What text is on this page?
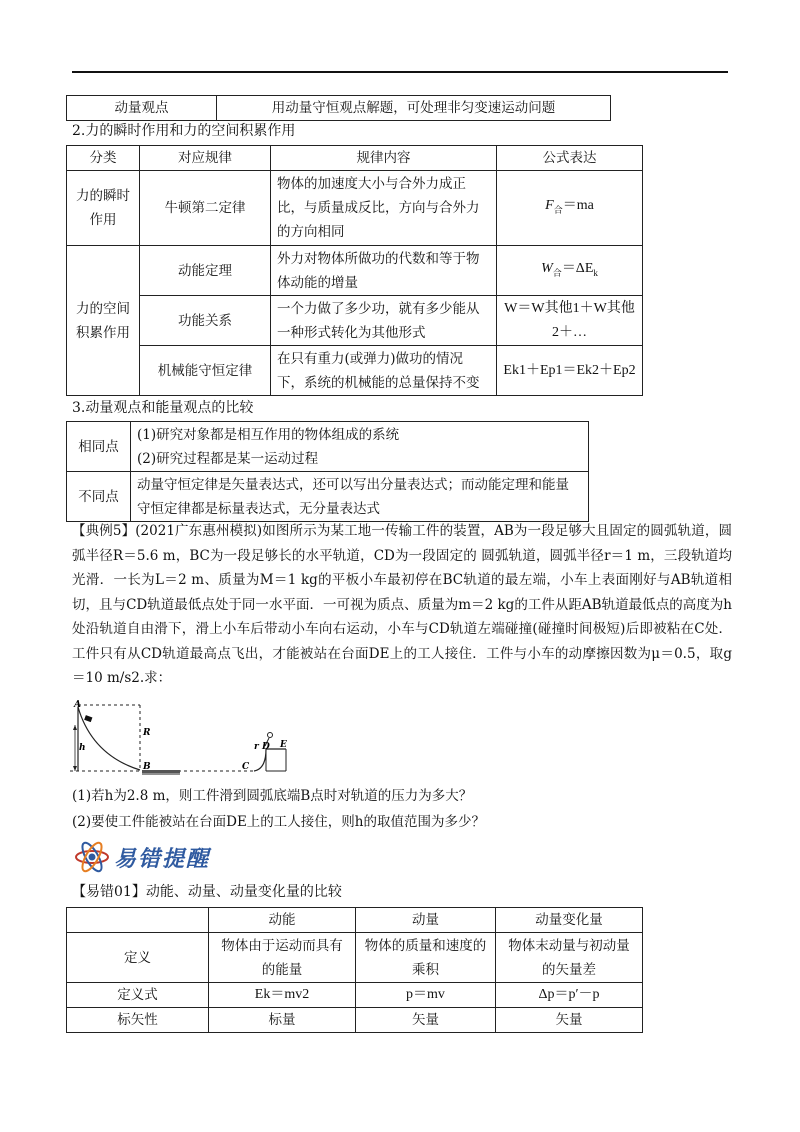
动量观点	用动量守恒观点解题，可处理非匀变速运动问题
2.力的瞬时作用和力的空间积累作用
分类	对应规律	规律内容	公式表达
力的瞬时作用	牛顿第二定律	物体的加速度大小与合外力成正比，与质量成反比，方向与合外力的方向相同	$F_合=ma$
力的空间积累作用	动能定理	外力对物体所做功的代数和等于物体动能的增量	$W_合=\Delta E_k$
	功能关系	一个力做了多少功，就有多少能从一种形式转化为其他形式	W＝W其他1＋W其他2＋…
	机械能守恒定律	在只有重力(或弹力)做功的情况下，系统的机械能的总量保持不变	Ek1＋Ep1＝Ek2＋Ep2
3.动量观点和能量观点的比较
相同点	(1)研究对象都是相互作用的物体组成的系统
(2)研究过程都是某一运动过程

不同点	动量守恒定律是矢量表达式，还可以写出分量表达式；而动能定理和能量守恒定律都是标量表达式，无分量表达式
【典例5】(2021广东惠州模拟)如图所示为某工地一传输工件的装置，AB为一段足够大且固定的圆弧轨道，圆弧半径R＝5.6 m，BC为一段足够长的水平轨道，CD为一段固定的 圆弧轨道，圆弧半径r＝1 m，三段轨道均光滑．一长为L＝2 m、质量为M＝1 kg的平板小车最初停在BC轨道的最左端，小车上表面刚好与AB轨道相切，且与CD轨道最低点处于同一水平面．一可视为质点、质量为m＝2 kg的工件从距AB轨道最低点的高度为h处沿轨道自由滑下，滑上小车后带动小车向右运动，小车与CD轨道左端碰撞(碰撞时间极短)后即被粘在C处．工件只有从CD轨道最高点飞出，才能被站在台面DE上的工人接住．工件与小车的动摩擦因数为μ＝0.5，取g＝10 m/s2.求：
A
h
R
B	C
r D E
(1)若h为2.8 m，则工件滑到圆弧底端B点时对轨道的压力为多大？
(2)要使工件能被站在台面DE上的工人接住，则h的取值范围为多少？
易错提醒
【易错01】动能、动量、动量变化量的比较
	动能	动量	动量变化量
定义	物体由于运动而具有的能量	物体的质量和速度的乘积	物体末动量与初动量的矢量差
定义式	Ek＝mv2	p＝mv	Δp＝p′－p
标矢性	标量	矢量	矢量
